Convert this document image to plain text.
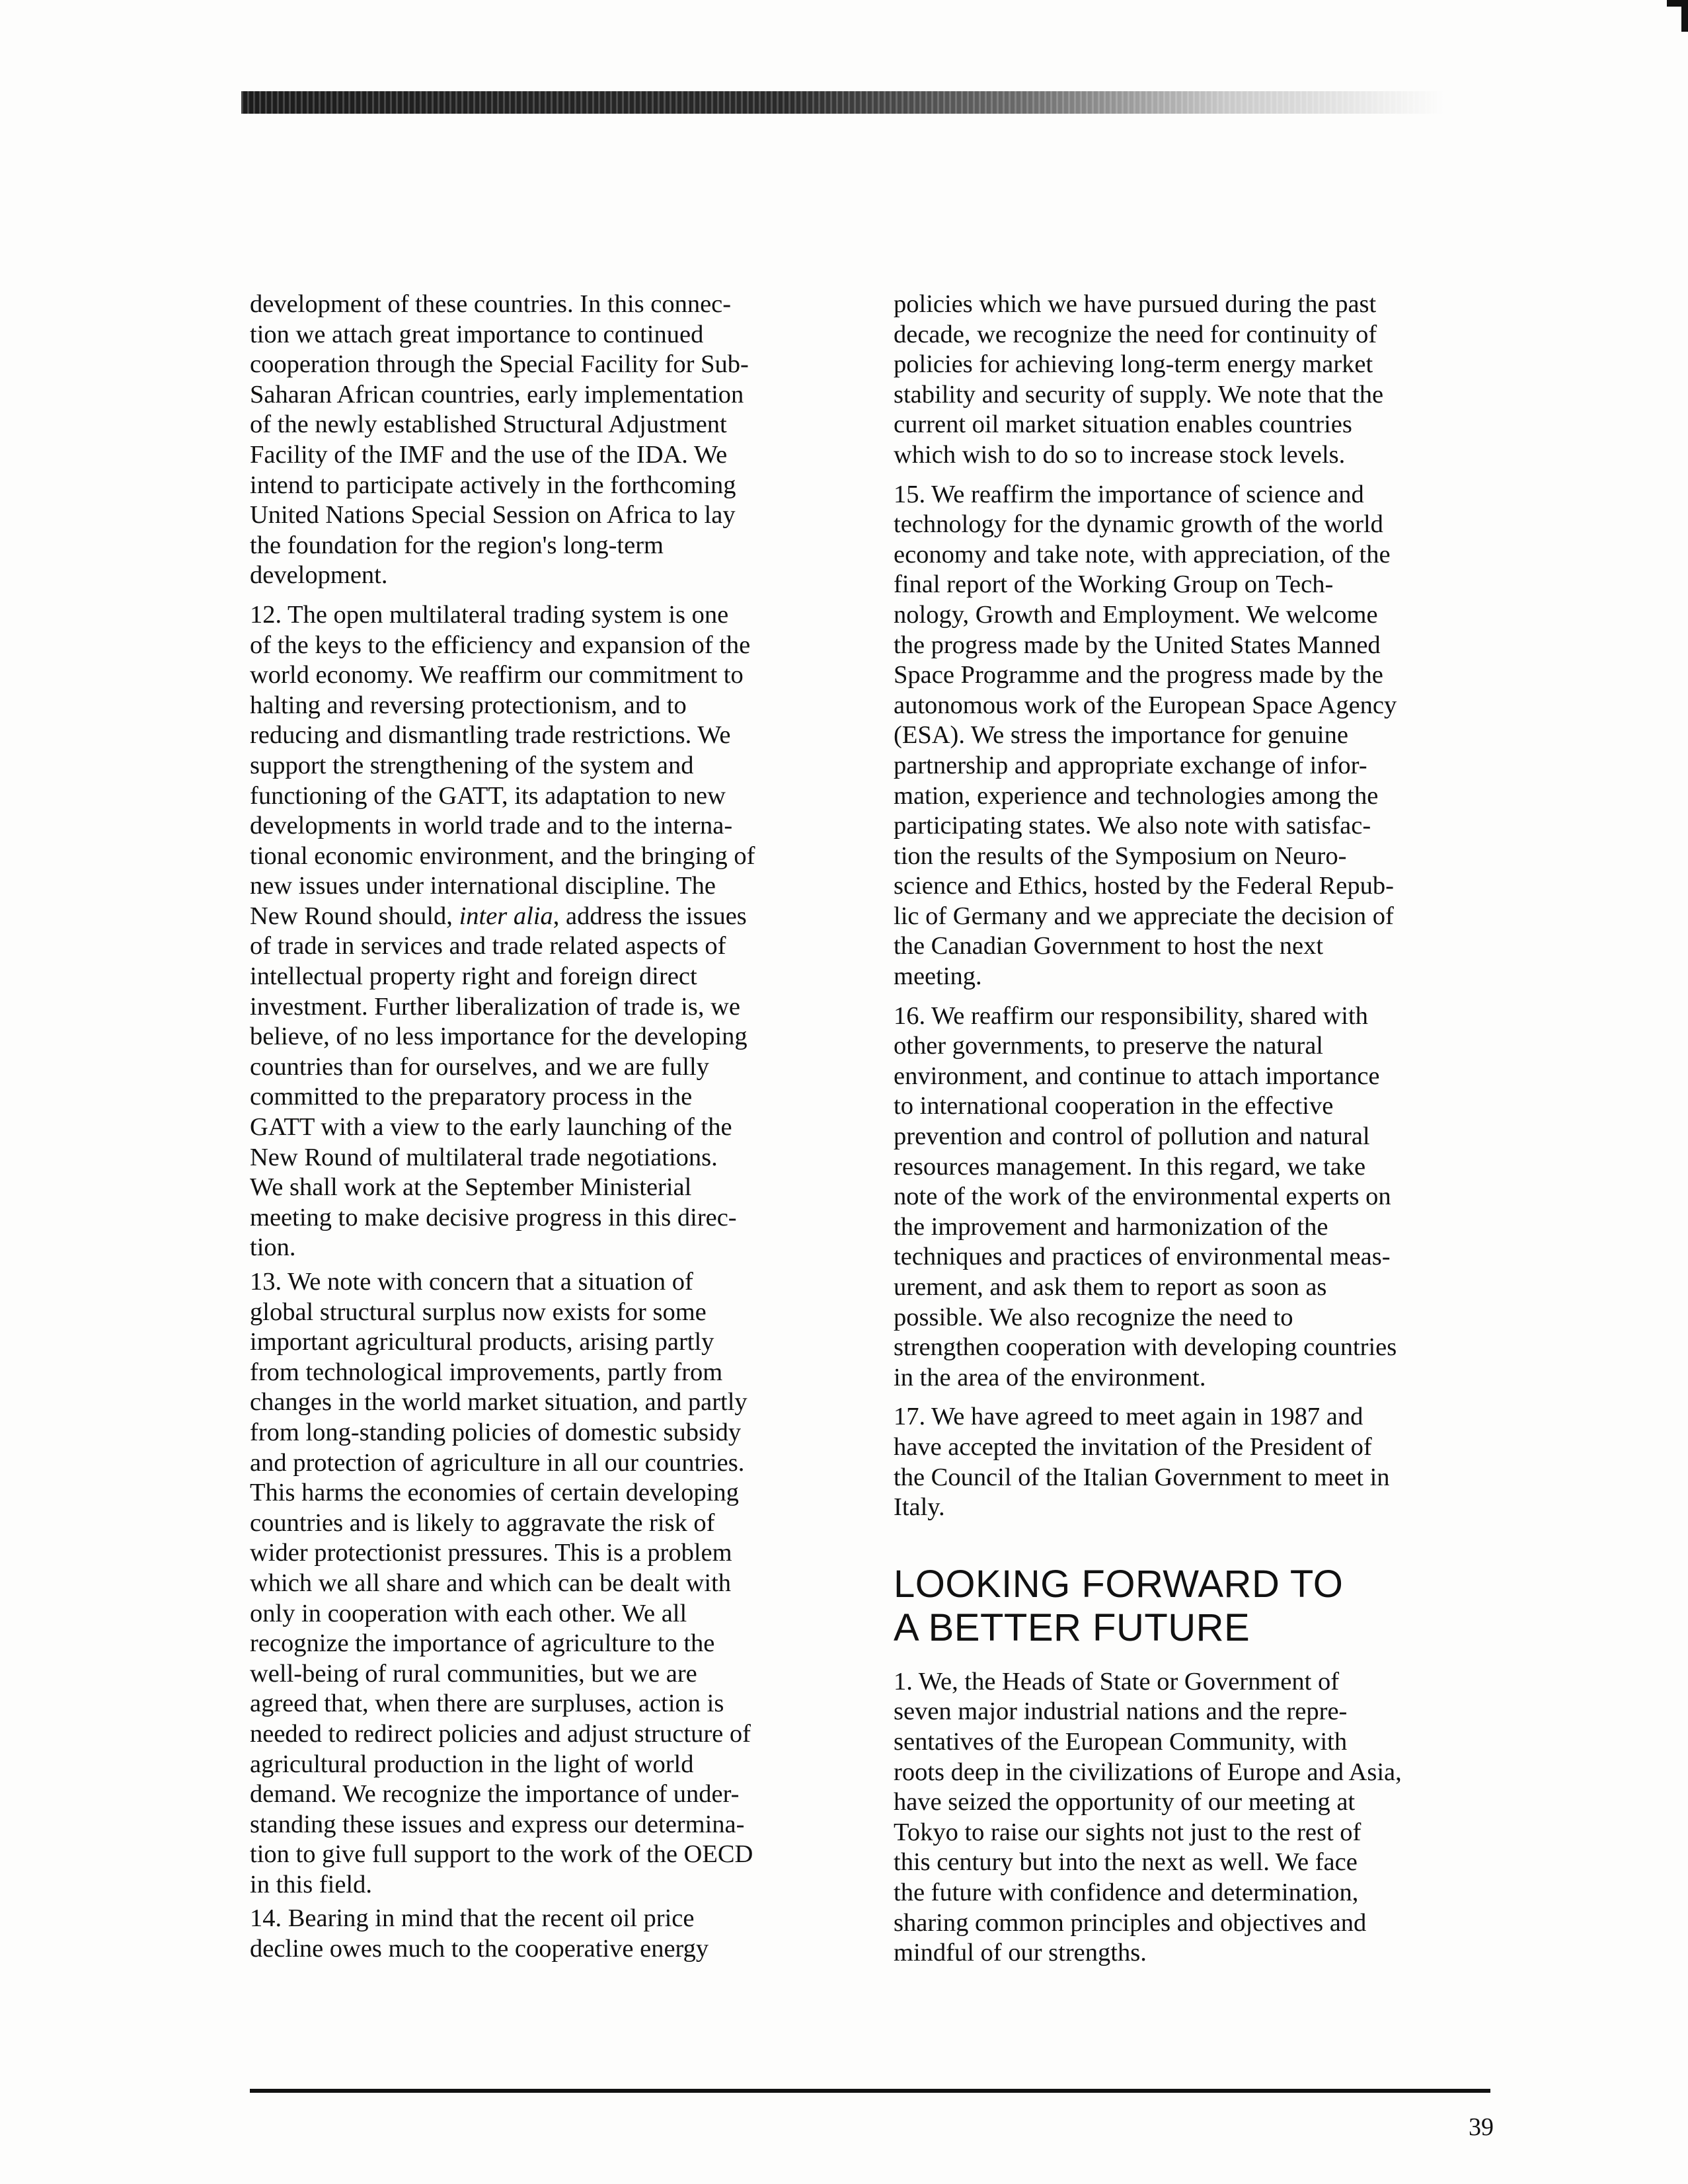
development of these countries. In this connec-
tion we attach great importance to continued
cooperation through the Special Facility for Sub-
Saharan African countries, early implementation
of the newly established Structural Adjustment
Facility of the IMF and the use of the IDA. We
intend to participate actively in the forthcoming
United Nations Special Session on Africa to lay
the foundation for the region's long-term
development.

12. The open multilateral trading system is one
of the keys to the efficiency and expansion of the
world economy. We reaffirm our commitment to
halting and reversing protectionism, and to
reducing and dismantling trade restrictions. We
support the strengthening of the system and
functioning of the GATT, its adaptation to new
developments in world trade and to the interna-
tional economic environment, and the bringing of
new issues under international discipline. The
New Round should, inter alia, address the issues
of trade in services and trade related aspects of
intellectual property right and foreign direct
investment. Further liberalization of trade is, we
believe, of no less importance for the developing
countries than for ourselves, and we are fully
committed to the preparatory process in the
GATT with a view to the early launching of the
New Round of multilateral trade negotiations.
We shall work at the September Ministerial
meeting to make decisive progress in this direc-
tion.

13. We note with concern that a situation of
global structural surplus now exists for some
important agricultural products, arising partly
from technological improvements, partly from
changes in the world market situation, and partly
from long-standing policies of domestic subsidy
and protection of agriculture in all our countries.
This harms the economies of certain developing
countries and is likely to aggravate the risk of
wider protectionist pressures. This is a problem
which we all share and which can be dealt with
only in cooperation with each other. We all
recognize the importance of agriculture to the
well-being of rural communities, but we are
agreed that, when there are surpluses, action is
needed to redirect policies and adjust structure of
agricultural production in the light of world
demand. We recognize the importance of under-
standing these issues and express our determina-
tion to give full support to the work of the OECD
in this field.

14. Bearing in mind that the recent oil price
decline owes much to the cooperative energy

policies which we have pursued during the past
decade, we recognize the need for continuity of
policies for achieving long-term energy market
stability and security of supply. We note that the
current oil market situation enables countries
which wish to do so to increase stock levels.

15. We reaffirm the importance of science and
technology for the dynamic growth of the world
economy and take note, with appreciation, of the
final report of the Working Group on Tech-
nology, Growth and Employment. We welcome
the progress made by the United States Manned
Space Programme and the progress made by the
autonomous work of the European Space Agency
(ESA). We stress the importance for genuine
partnership and appropriate exchange of infor-
mation, experience and technologies among the
participating states. We also note with satisfac-
tion the results of the Symposium on Neuro-
science and Ethics, hosted by the Federal Repub-
lic of Germany and we appreciate the decision of
the Canadian Government to host the next
meeting.

16. We reaffirm our responsibility, shared with
other governments, to preserve the natural
environment, and continue to attach importance
to international cooperation in the effective
prevention and control of pollution and natural
resources management. In this regard, we take
note of the work of the environmental experts on
the improvement and harmonization of the
techniques and practices of environmental meas-
urement, and ask them to report as soon as
possible. We also recognize the need to
strengthen cooperation with developing countries
in the area of the environment.

17. We have agreed to meet again in 1987 and
have accepted the invitation of the President of
the Council of the Italian Government to meet in
Italy.

LOOKING FORWARD TO
A BETTER FUTURE

1. We, the Heads of State or Government of
seven major industrial nations and the repre-
sentatives of the European Community, with
roots deep in the civilizations of Europe and Asia,
have seized the opportunity of our meeting at
Tokyo to raise our sights not just to the rest of
this century but into the next as well. We face
the future with confidence and determination,
sharing common principles and objectives and
mindful of our strengths.

39
